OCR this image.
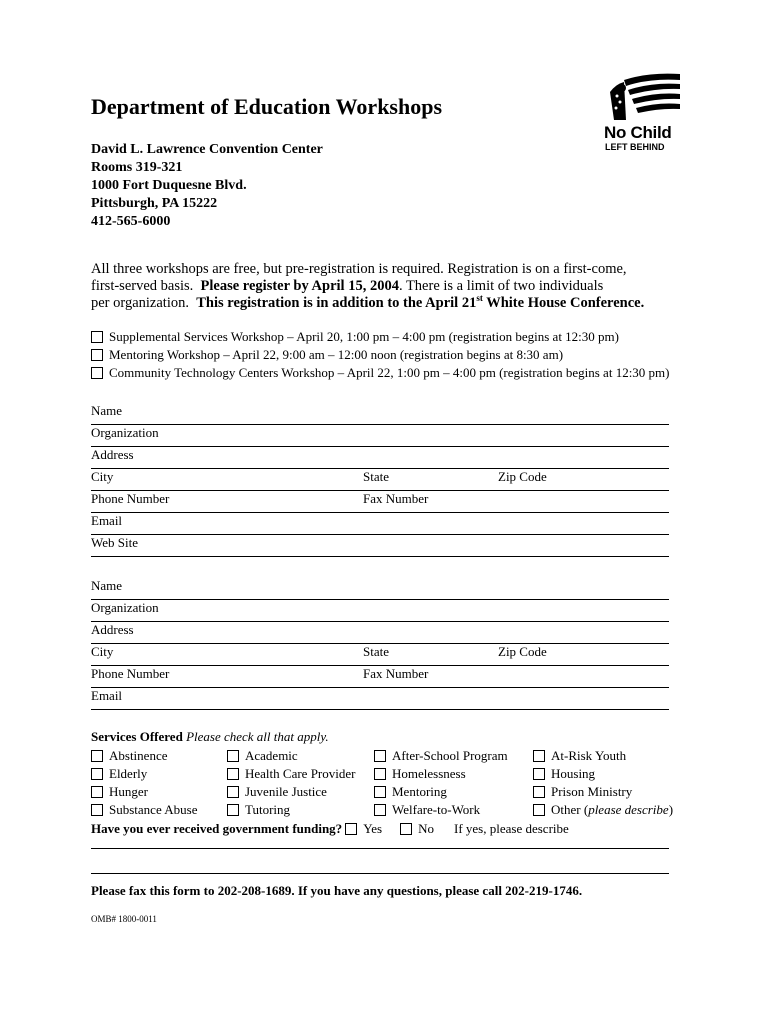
Department of Education Workshops
David L. Lawrence Convention Center
Rooms 319-321
1000 Fort Duquesne Blvd.
Pittsburgh, PA 15222
412-565-6000
No Child
LEFT BEHIND

All three workshops are free, but pre-registration is required. Registration is on a first-come,

first-served basis. Please register by April 15, 2004. There is a limit of two individuals

per organization. This registration is in addition to the April 21st White House Conference.

Supplemental Services Workshop – April 20, 1:00 pm – 4:00 pm (registration begins at 12:30 pm)
Mentoring Workshop – April 22, 9:00 am – 12:00 noon (registration begins at 8:30 am)
Community Technology Centers Workshop – April 22, 1:00 pm – 4:00 pm (registration begins at 12:30 pm)
Name
Organization
Address
City	State	Zip Code
Phone Number	Fax Number
Email
Web Site
Name
Organization
Address
City	State	Zip Code
Phone Number	Fax Number
Email
Services Offered Please check all that apply.
Abstinence	Academic	After-School Program	At-Risk Youth
Elderly	Health Care Provider	Homelessness	Housing
Hunger	Juvenile Justice	Mentoring	Prison Ministry
Substance Abuse	Tutoring	Welfare-to-Work	Other ( please describe )
Have you ever received government funding? Yes	No If yes, please describe
Please fax this form to 202-208-1689. If you have any questions, please call 202-219-1746.
OMB# 1800-0011
